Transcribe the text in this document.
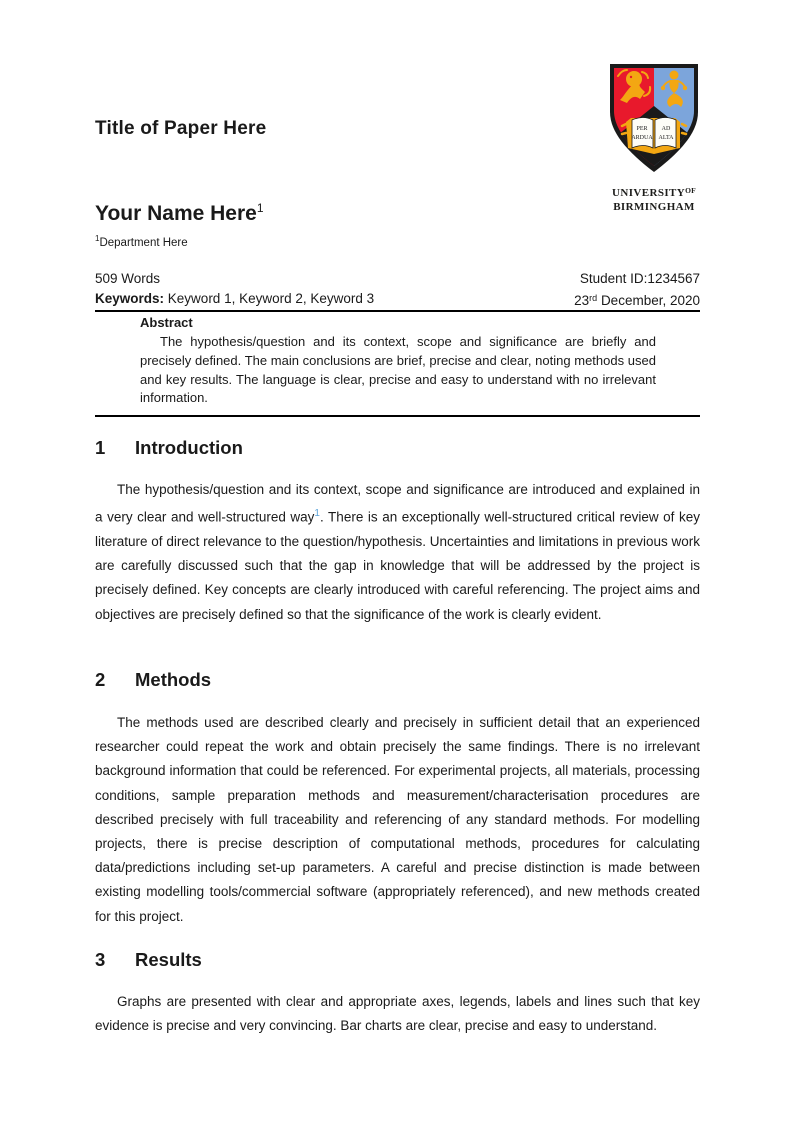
Title of Paper Here	PER AD
ARDUA ALTA
$UNIVERSITY^{OF}$
BIRMINGHAM
Your Name Here$^1$
$^1$Department Here
509 Words	Student ID:1234567
Keywords: Keyword 1, Keyword 2, Keyword 3	23rd December, 2020
Abstract

The hypothesis/question and its context, scope and significance are briefly and precisely defined. The main conclusions are brief, precise and clear, noting methods used and key results. The language is clear, precise and easy to understand with no irrelevant information.

1 Introduction

The hypothesis/question and its context, scope and significance are introduced and explained in a very clear and well-structured way$^1$. There is an exceptionally well-structured critical review of key literature of direct relevance to the question/hypothesis. Uncertainties and limitations in previous work are carefully discussed such that the gap in knowledge that will be addressed by the project is precisely defined. Key concepts are clearly introduced with careful referencing. The project aims and objectives are precisely defined so that the significance of the work is clearly evident.

2 Methods

The methods used are described clearly and precisely in sufficient detail that an experienced researcher could repeat the work and obtain precisely the same findings. There is no irrelevant background information that could be referenced. For experimental projects, all materials, processing conditions, sample preparation methods and measurement/characterisation procedures are described precisely with full traceability and referencing of any standard methods. For modelling projects, there is precise description of computational methods, procedures for calculating data/predictions including set-up parameters. A careful and precise distinction is made between existing modelling tools/commercial software (appropriately referenced), and new methods created for this project.

3 Results

Graphs are presented with clear and appropriate axes, legends, labels and lines such that key evidence is precise and very convincing. Bar charts are clear, precise and easy to understand.
